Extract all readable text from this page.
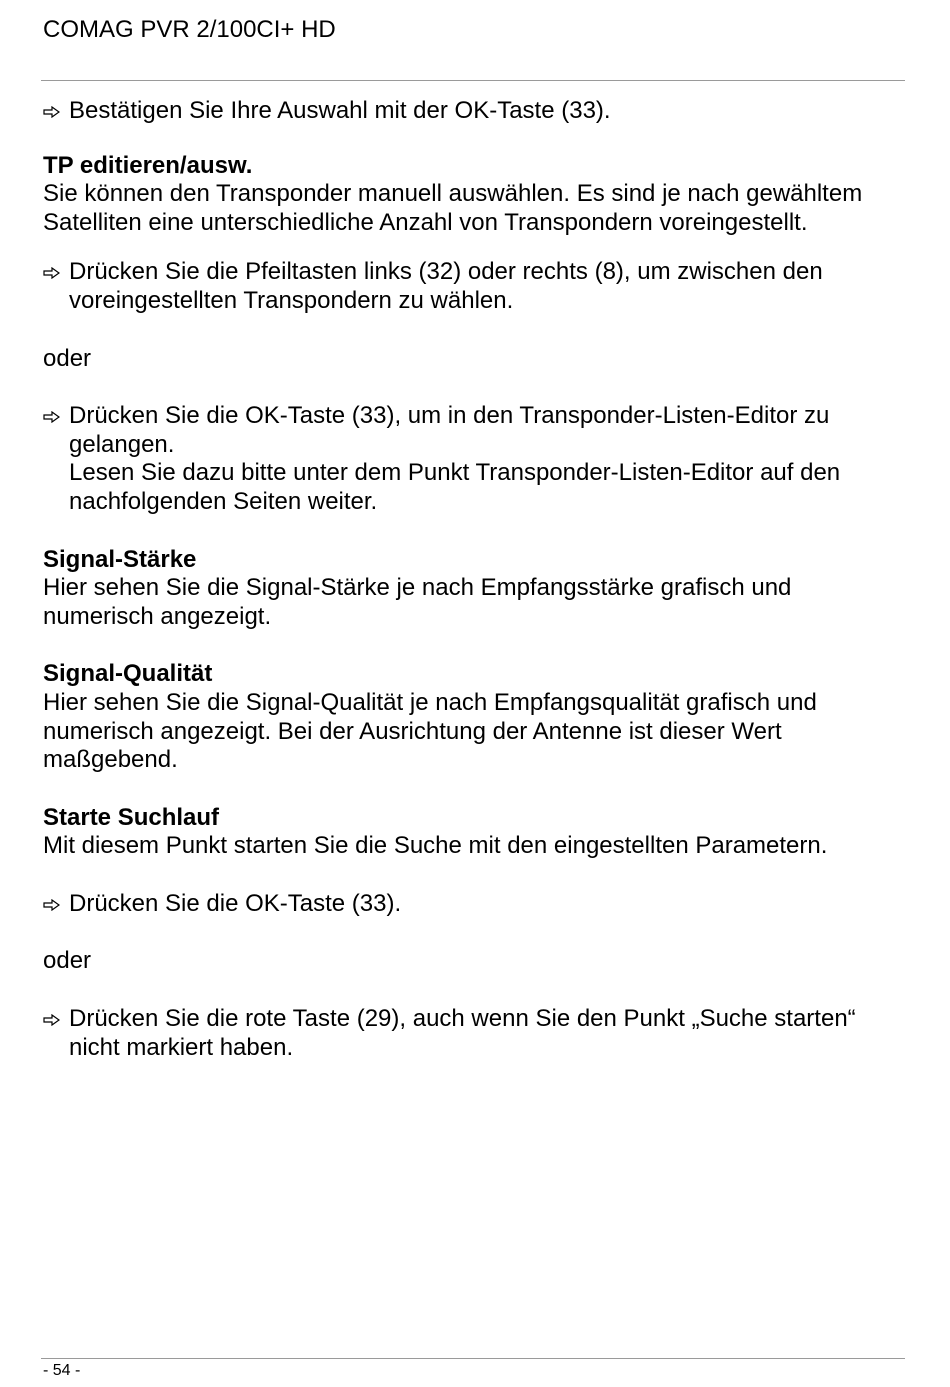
COMAG PVR 2/100CI+ HD
Bestätigen Sie Ihre Auswahl mit der OK-Taste (33).
TP editieren/ausw.
Sie können den Transponder manuell auswählen. Es sind je nach gewähltem Satelliten eine unterschiedliche Anzahl von Transpondern voreingestellt.
Drücken Sie die Pfeiltasten links (32) oder rechts (8), um zwischen den voreingestellten Transpondern zu wählen.
oder
Drücken Sie die OK-Taste (33), um in den Transponder-Listen-Editor zu gelangen.
Lesen Sie dazu bitte unter dem Punkt Transponder-Listen-Editor auf den nachfolgenden Seiten weiter.
Signal-Stärke
Hier sehen Sie die Signal-Stärke je nach Empfangsstärke grafisch und numerisch angezeigt.
Signal-Qualität
Hier sehen Sie die Signal-Qualität je nach Empfangsqualität grafisch und numerisch angezeigt. Bei der Ausrichtung der Antenne ist dieser Wert maßgebend.
Starte Suchlauf
Mit diesem Punkt starten Sie die Suche mit den eingestellten Parametern.
Drücken Sie die OK-Taste (33).
oder
Drücken Sie die rote Taste (29), auch wenn Sie den Punkt „Suche starten“ nicht markiert haben.
- 54 -
